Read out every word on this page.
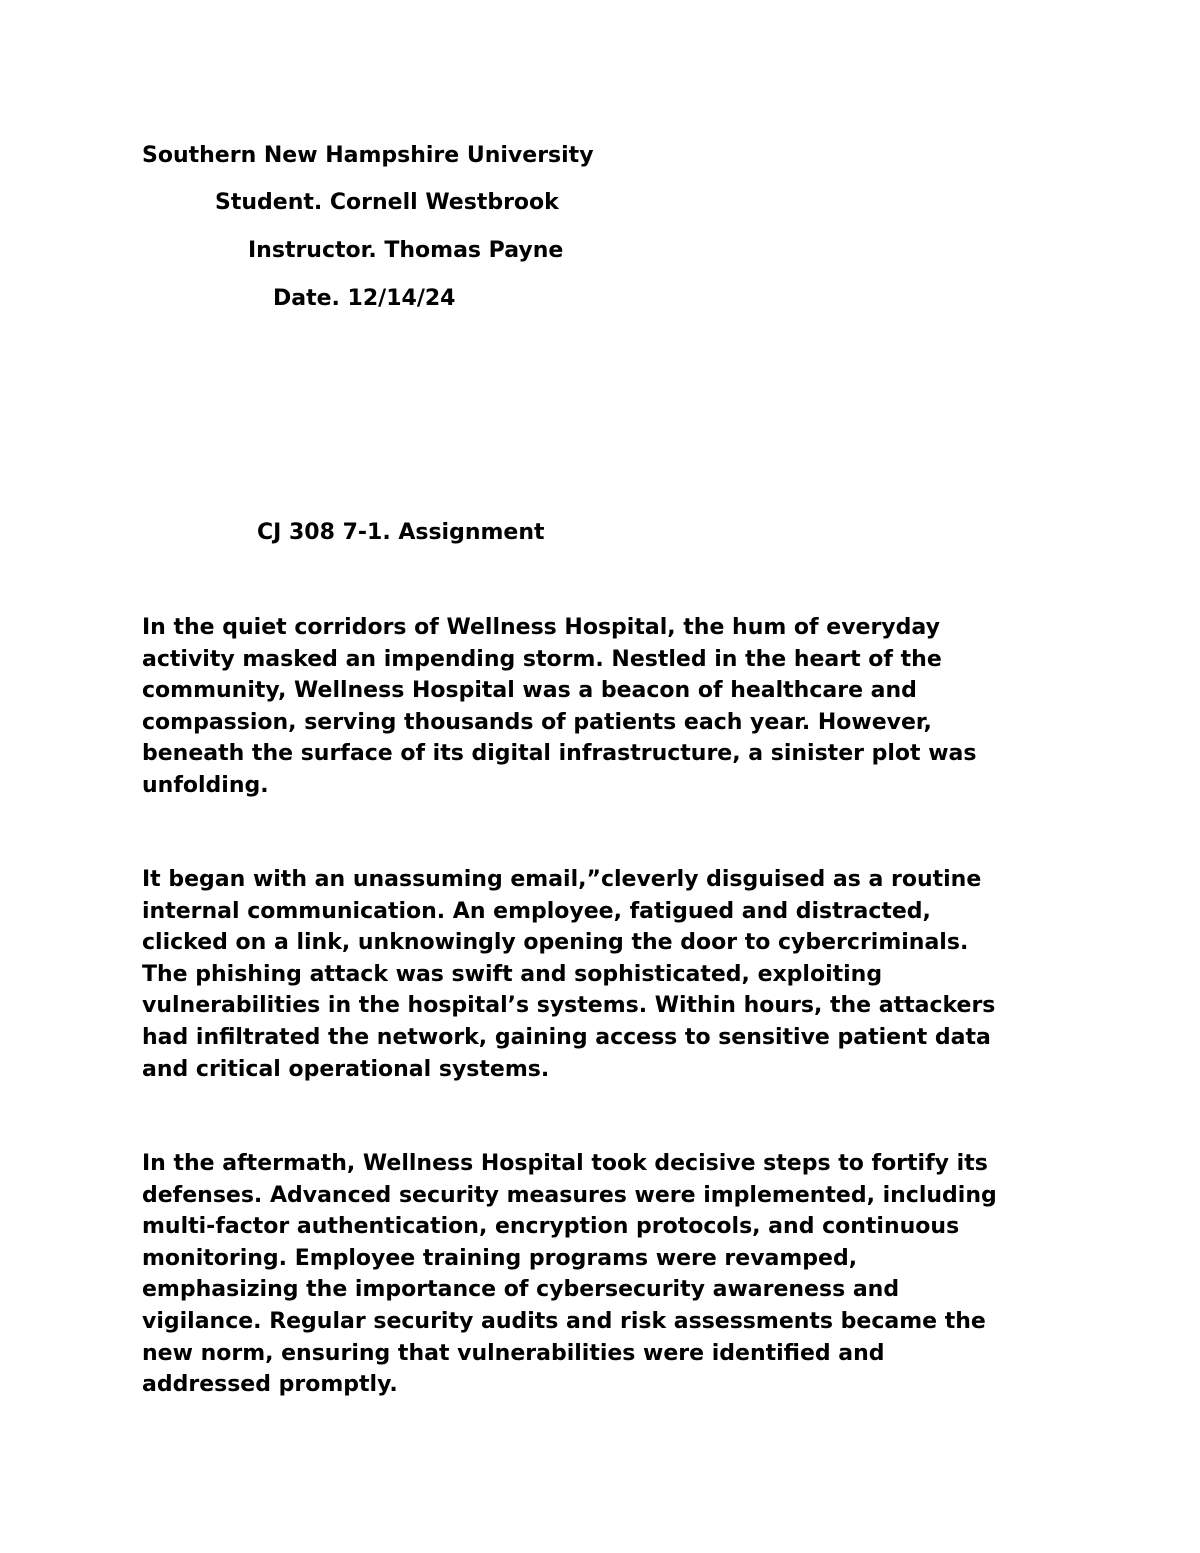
Southern New Hampshire University
Student. Cornell Westbrook
Instructor. Thomas Payne
Date. 12/14/24
CJ 308 7-1. Assignment
In the quiet corridors of Wellness Hospital, the hum of everyday
activity masked an impending storm. Nestled in the heart of the
community, Wellness Hospital was a beacon of healthcare and
compassion, serving thousands of patients each year. However,
beneath the surface of its digital infrastructure, a sinister plot was
unfolding.
It began with an unassuming email,”cleverly disguised as a routine
internal communication. An employee, fatigued and distracted,
clicked on a link, unknowingly opening the door to cybercriminals.
The phishing attack was swift and sophisticated, exploiting
vulnerabilities in the hospital’s systems. Within hours, the attackers
had infiltrated the network, gaining access to sensitive patient data
and critical operational systems.
In the aftermath, Wellness Hospital took decisive steps to fortify its
defenses. Advanced security measures were implemented, including
multi-factor authentication, encryption protocols, and continuous
monitoring. Employee training programs were revamped,
emphasizing the importance of cybersecurity awareness and
vigilance. Regular security audits and risk assessments became the
new norm, ensuring that vulnerabilities were identified and
addressed promptly.
